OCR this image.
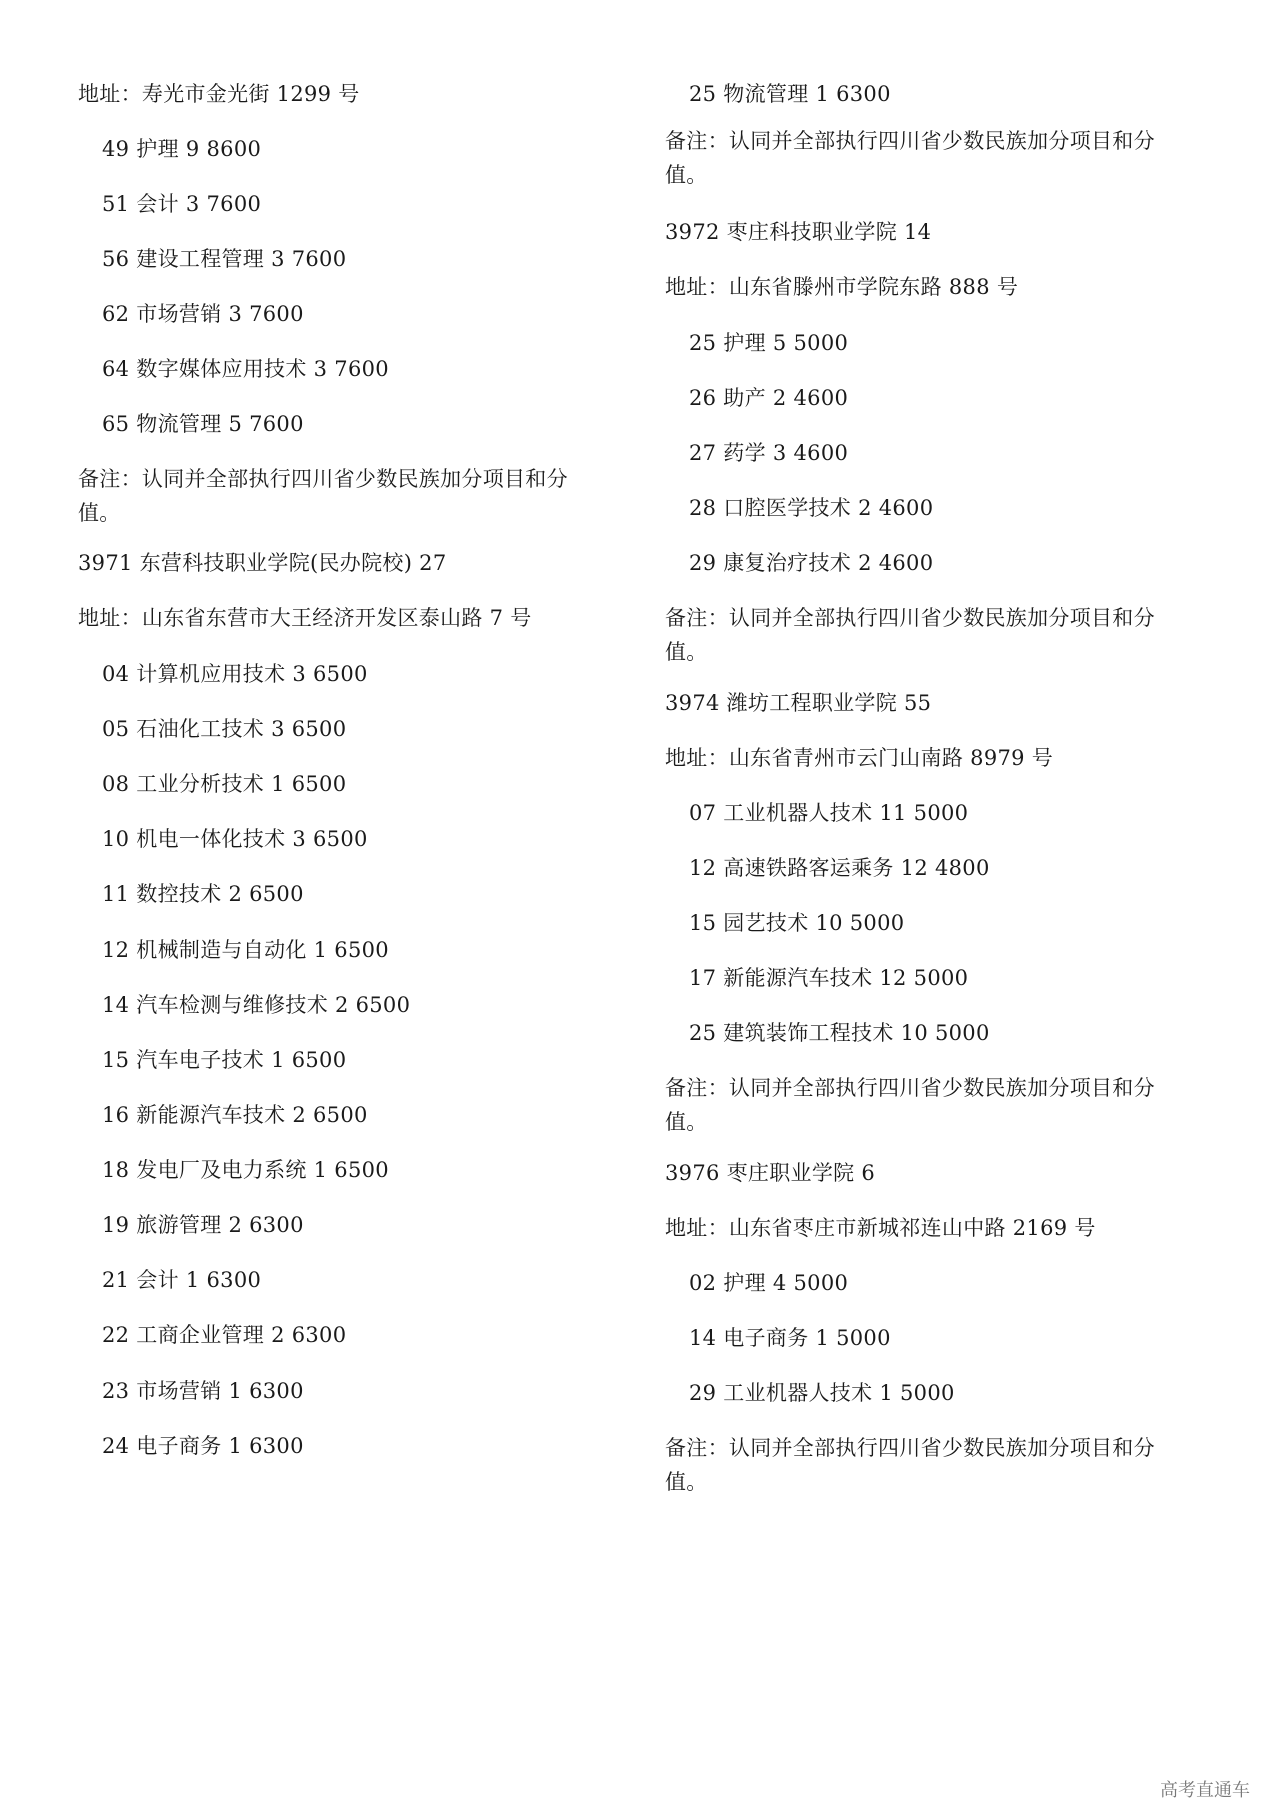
地址：寿光市金光街 1299 号
49 护理 9 8600
51 会计 3 7600
56 建设工程管理 3 7600
62 市场营销 3 7600
64 数字媒体应用技术 3 7600
65 物流管理 5 7600
备注：认同并全部执行四川省少数民族加分项目和分
值。
3971 东营科技职业学院(民办院校) 27
地址：山东省东营市大王经济开发区泰山路 7 号
04 计算机应用技术 3 6500
05 石油化工技术 3 6500
08 工业分析技术 1 6500
10 机电一体化技术 3 6500
11 数控技术 2 6500
12 机械制造与自动化 1 6500
14 汽车检测与维修技术 2 6500
15 汽车电子技术 1 6500
16 新能源汽车技术 2 6500
18 发电厂及电力系统 1 6500
19 旅游管理 2 6300
21 会计 1 6300
22 工商企业管理 2 6300
23 市场营销 1 6300
24 电子商务 1 6300
25 物流管理 1 6300
备注：认同并全部执行四川省少数民族加分项目和分
值。
3972 枣庄科技职业学院 14
地址：山东省滕州市学院东路 888 号
25 护理 5 5000
26 助产 2 4600
27 药学 3 4600
28 口腔医学技术 2 4600
29 康复治疗技术 2 4600
备注：认同并全部执行四川省少数民族加分项目和分
值。
3974 潍坊工程职业学院 55
地址：山东省青州市云门山南路 8979 号
07 工业机器人技术 11 5000
12 高速铁路客运乘务 12 4800
15 园艺技术 10 5000
17 新能源汽车技术 12 5000
25 建筑装饰工程技术 10 5000
备注：认同并全部执行四川省少数民族加分项目和分
值。
3976 枣庄职业学院 6
地址：山东省枣庄市新城祁连山中路 2169 号
02 护理 4 5000
14 电子商务 1 5000
29 工业机器人技术 1 5000
备注：认同并全部执行四川省少数民族加分项目和分
值。
高考直通车
